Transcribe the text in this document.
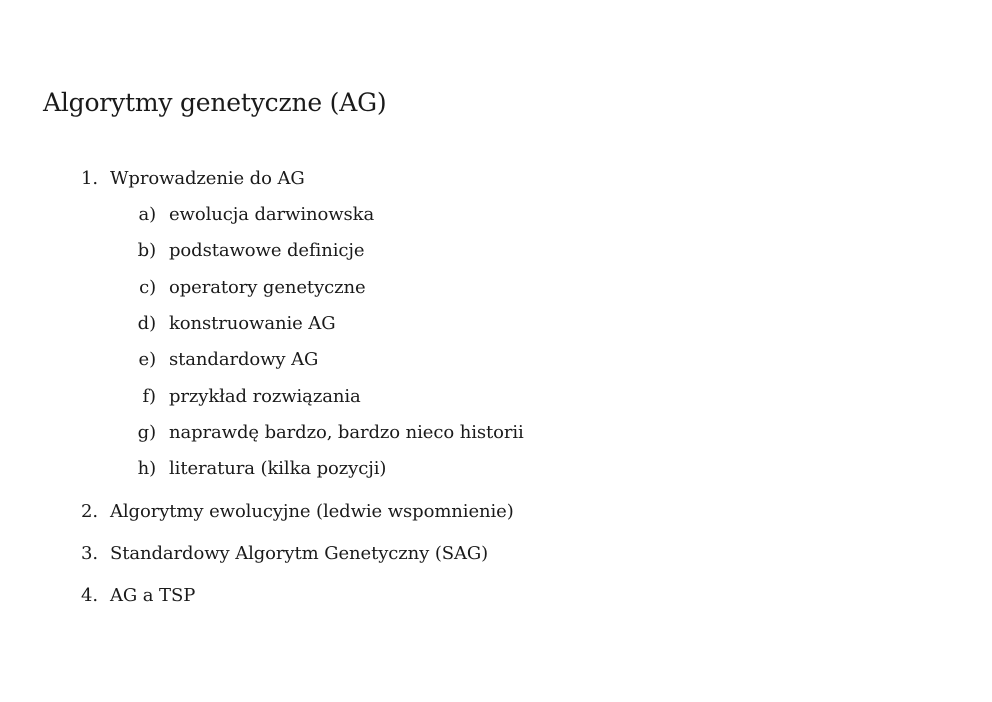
Algorytmy genetyczne (AG)
1. Wprowadzenie do AG
a) ewolucja darwinowska
b) podstawowe definicje
c) operatory genetyczne
d) konstruowanie AG
e) standardowy AG
f) przykład rozwiązania
g) naprawdę bardzo, bardzo nieco historii
h) literatura (kilka pozycji)
2. Algorytmy ewolucyjne (ledwie wspomnienie)
3. Standardowy Algorytm Genetyczny (SAG)
4. AG a TSP
